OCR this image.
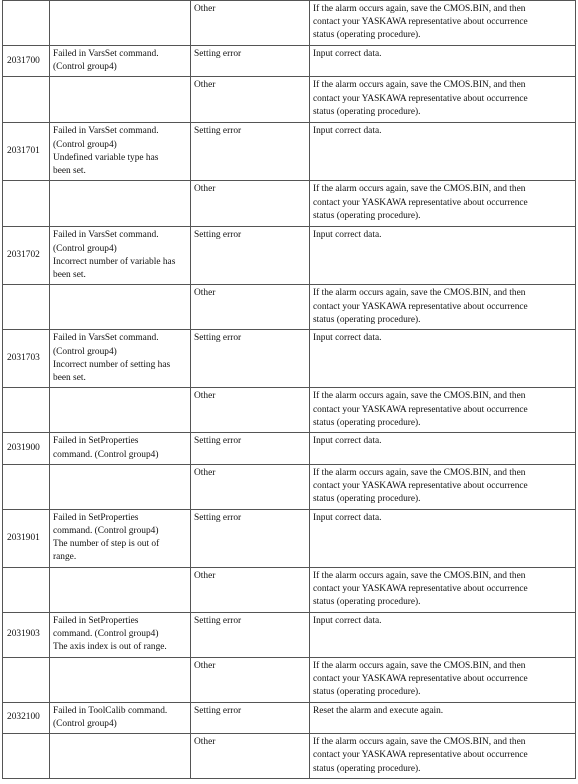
		Other	If the alarm occurs again, save the CMOS.BIN, and then
contact your YASKAWA representative about occurrence
status (operating procedure).
2031700	Failed in VarsSet command.
(Control group4)	Setting error	Input correct data.
		Other	If the alarm occurs again, save the CMOS.BIN, and then
contact your YASKAWA representative about occurrence
status (operating procedure).
2031701	Failed in VarsSet command.
(Control group4)
Undefined variable type has
been set.	Setting error	Input correct data.
		Other	If the alarm occurs again, save the CMOS.BIN, and then
contact your YASKAWA representative about occurrence
status (operating procedure).
2031702	Failed in VarsSet command.
(Control group4)
Incorrect number of variable has
been set.	Setting error	Input correct data.
		Other	If the alarm occurs again, save the CMOS.BIN, and then
contact your YASKAWA representative about occurrence
status (operating procedure).
2031703	Failed in VarsSet command.
(Control group4)
Incorrect number of setting has
been set.	Setting error	Input correct data.
		Other	If the alarm occurs again, save the CMOS.BIN, and then
contact your YASKAWA representative about occurrence
status (operating procedure).
2031900	Failed in SetProperties
command. (Control group4)	Setting error	Input correct data.
		Other	If the alarm occurs again, save the CMOS.BIN, and then
contact your YASKAWA representative about occurrence
status (operating procedure).
2031901	Failed in SetProperties
command. (Control group4)
The number of step is out of
range.	Setting error	Input correct data.
		Other	If the alarm occurs again, save the CMOS.BIN, and then
contact your YASKAWA representative about occurrence
status (operating procedure).
2031903	Failed in SetProperties
command. (Control group4)
The axis index is out of range.	Setting error	Input correct data.
		Other	If the alarm occurs again, save the CMOS.BIN, and then
contact your YASKAWA representative about occurrence
status (operating procedure).
2032100	Failed in ToolCalib command.
(Control group4)	Setting error	Reset the alarm and execute again.
		Other	If the alarm occurs again, save the CMOS.BIN, and then
contact your YASKAWA representative about occurrence
status (operating procedure).
